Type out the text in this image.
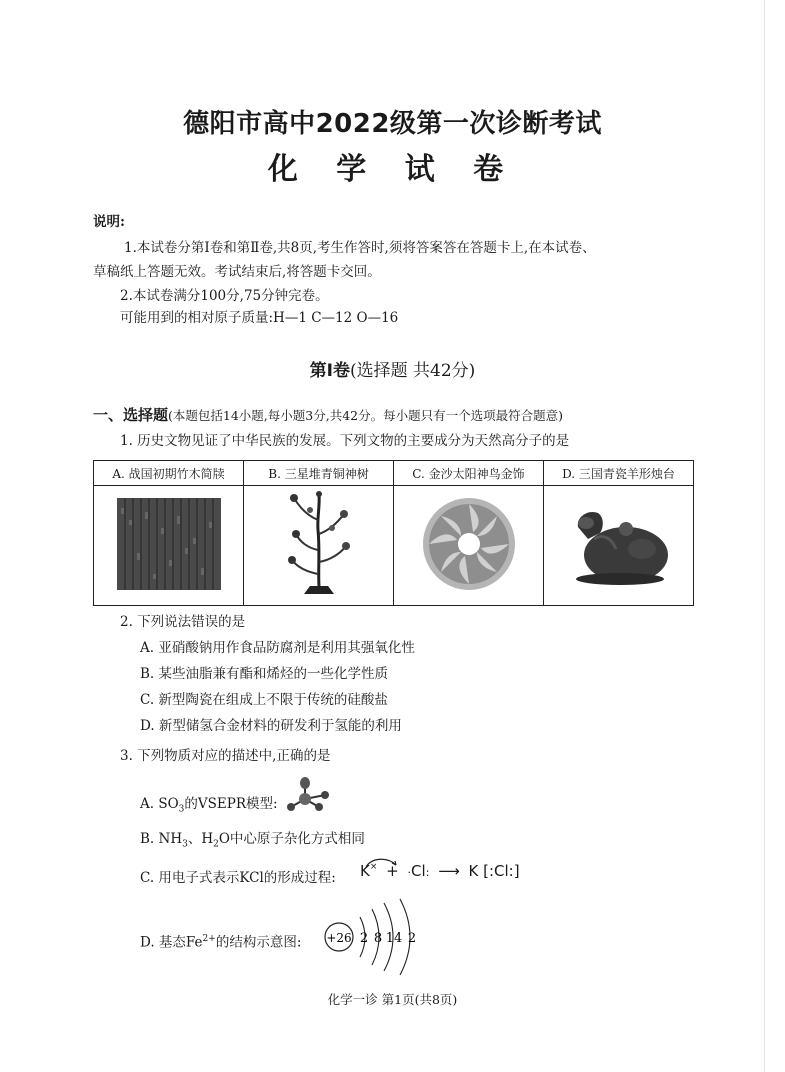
德阳市高中2022级第一次诊断考试
化 学 试 卷
说明:
1.本试卷分第Ⅰ卷和第Ⅱ卷,共8页,考生作答时,须将答案答在答题卡上,在本试卷、
草稿纸上答题无效。考试结束后,将答题卡交回。
2.本试卷满分100分,75分钟完卷。
可能用到的相对原子质量:H—1 C—12 O—16
第Ⅰ卷(选择题 共42分)
一、选择题(本题包括14小题,每小题3分,共42分。每小题只有一个选项最符合题意)
1. 历史文物见证了中华民族的发展。下列文物的主要成分为天然高分子的是
A. 战国初期竹木简牍	B. 三星堆青铜神树	C. 金沙太阳神鸟金饰	D. 三国青瓷羊形烛台

2. 下列说法错误的是
A. 亚硝酸钠用作食品防腐剂是利用其强氧化性
B. 某些油脂兼有酯和烯烃的一些化学性质
C. 新型陶瓷在组成上不限于传统的硅酸盐
D. 新型储氢合金材料的研发利于氢能的利用
3. 下列物质对应的描述中,正确的是
A. $SO_3$的VSEPR模型:
B. $NH_3$、$H_2O$中心原子杂化方式相同
C. 用电子式表示KCl的形成过程: K× + ·Cl: ⟶ K [:Cl:]
D. 基态$Fe^{2+}$的结构示意图: +26 2 8 14 2
化学一诊 第1页(共8页)
